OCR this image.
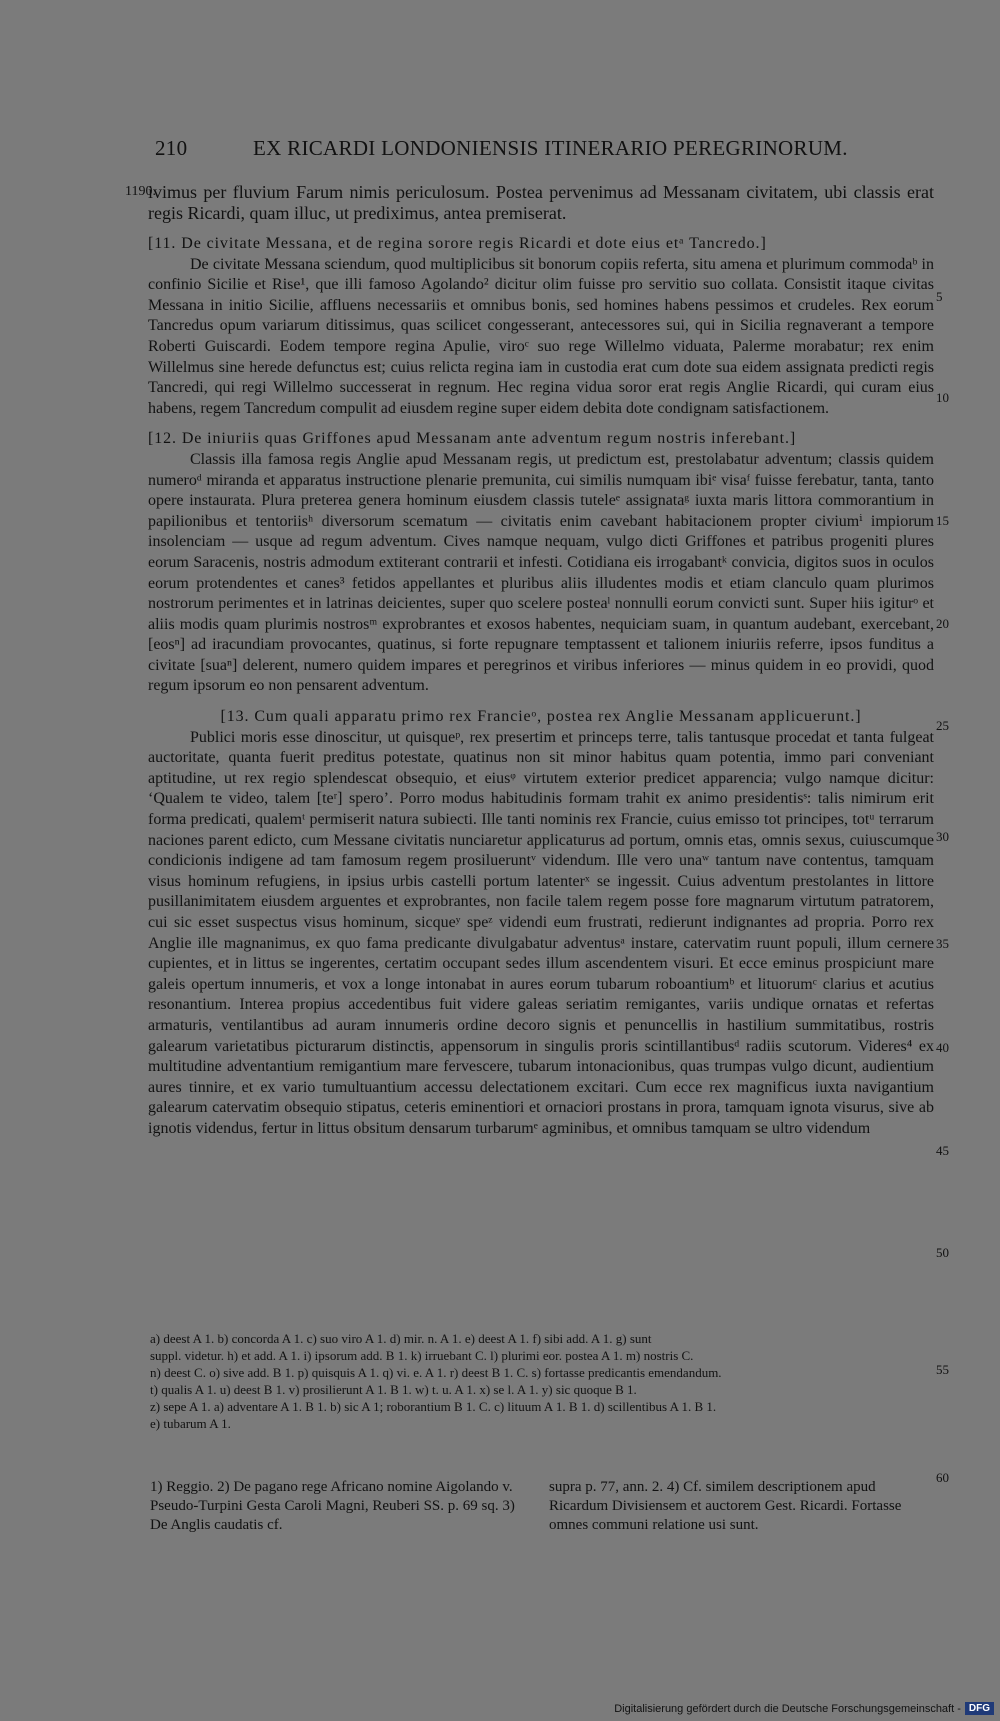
210	EX RICARDI LONDONIENSIS ITINERARIO PEREGRINORUM.
1190.

ivimus per fluvium Farum nimis periculosum. Postea pervenimus ad Messanam civitatem, ubi classis erat regis Ricardi, quam illuc, ut prediximus, antea premiserat.

[11. De civitate Messana, et de regina sorore regis Ricardi et dote eius etᵃ Tancredo.]

De civitate Messana sciendum, quod multiplicibus sit bonorum copiis referta, situ amena et plurimum commodaᵇ in confinio Sicilie et Rise¹, que illi famoso Agolando² dicitur olim fuisse pro servitio suo collata. Consistit itaque civitas Messana in initio Sicilie, affluens necessariis et omnibus bonis, sed homines habens pessimos et crudeles. Rex eorum Tancredus opum variarum ditissimus, quas scilicet congesserant, antecessores sui, qui in Sicilia regnaverant a tempore Roberti Guiscardi. Eodem tempore regina Apulie, viroᶜ suo rege Willelmo viduata, Palerme morabatur; rex enim Willelmus sine herede defunctus est; cuius relicta regina iam in custodia erat cum dote sua eidem assignata predicti regis Tancredi, qui regi Willelmo successerat in regnum. Hec regina vidua soror erat regis Anglie Ricardi, qui curam eius habens, regem Tancredum compulit ad eiusdem regine super eidem debita dote condignam satisfactionem.

[12. De iniuriis quas Griffones apud Messanam ante adventum regum nostris inferebant.]

Classis illa famosa regis Anglie apud Messanam regis, ut predictum est, prestolabatur adventum; classis quidem numeroᵈ miranda et apparatus instructione plenarie premunita, cui similis numquam ibiᵉ visaᶠ fuisse ferebatur, tanta, tanto opere instaurata. Plura preterea genera hominum eiusdem classis tuteleᵉ assignataᵍ iuxta maris littora commorantium in papilionibus et tentoriisʰ diversorum scematum — civitatis enim cavebant habitacionem propter civiumⁱ impiorum insolenciam — usque ad regum adventum. Cives namque nequam, vulgo dicti Griffones et patribus progeniti plures eorum Saracenis, nostris admodum extiterant contrarii et infesti. Cotidiana eis irrogabantᵏ convicia, digitos suos in oculos eorum protendentes et canes³ fetidos appellantes et pluribus aliis illudentes modis et etiam clanculo quam plurimos nostrorum perimentes et in latrinas deicientes, super quo scelere posteaˡ nonnulli eorum convicti sunt. Super hiis igiturᵒ et aliis modis quam plurimis nostrosᵐ exprobrantes et exosos habentes, nequiciam suam, in quantum audebant, exercebant, [eosⁿ] ad iracundiam provocantes, quatinus, si forte repugnare temptassent et talionem iniuriis referre, ipsos funditus a civitate [suaⁿ] delerent, numero quidem impares et peregrinos et viribus inferiores — minus quidem in eo providi, quod regum ipsorum eo non pensarent adventum.

[13. Cum quali apparatu primo rex Francieᵒ, postea rex Anglie Messanam applicuerunt.]

Publici moris esse dinoscitur, ut quisqueᵖ, rex presertim et princeps terre, talis tantusque procedat et tanta fulgeat auctoritate, quanta fuerit preditus potestate, quatinus non sit minor habitus quam potentia, immo pari conveniant aptitudine, ut rex regio splendescat obsequio, et eiusᵠ virtutem exterior predicet apparencia; vulgo namque dicitur: ‘Qualem te video, talem [teʳ] spero’. Porro modus habitudinis formam trahit ex animo presidentisˢ: talis nimirum erit forma predicati, qualemᵗ permiserit natura subiecti. Ille tanti nominis rex Francie, cuius emisso tot principes, totᵘ terrarum naciones parent edicto, cum Messane civitatis nunciaretur applicaturus ad portum, omnis etas, omnis sexus, cuiuscumque condicionis indigene ad tam famosum regem prosilueruntᵛ videndum. Ille vero unaʷ tantum nave contentus, tamquam visus hominum refugiens, in ipsius urbis castelli portum latenterˣ se ingessit. Cuius adventum prestolantes in littore pusillanimitatem eiusdem arguentes et exprobrantes, non facile talem regem posse fore magnarum virtutum patratorem, cui sic esset suspectus visus hominum, sicqueʸ speᶻ videndi eum frustrati, redierunt indignantes ad propria. Porro rex Anglie ille magnanimus, ex quo fama predicante divulgabatur adventusᵃ instare, catervatim ruunt populi, illum cernere cupientes, et in littus se ingerentes, certatim occupant sedes illum ascendentem visuri. Et ecce eminus prospiciunt mare galeis opertum innumeris, et vox a longe intonabat in aures eorum tubarum roboantiumᵇ et lituorumᶜ clarius et acutius resonantium. Interea propius accedentibus fuit videre galeas seriatim remigantes, variis undique ornatas et refertas armaturis, ventilantibus ad auram innumeris ordine decoro signis et penuncellis in hastilium summitatibus, rostris galearum varietatibus picturarum distinctis, appensorum in singulis proris scintillantibusᵈ radiis scutorum. Videres⁴ ex multitudine adventantium remigantium mare fervescere, tubarum intonacionibus, quas trumpas vulgo dicunt, audientium aures tinnire, et ex vario tumultuantium accessu delectationem excitari. Cum ecce rex magnificus iuxta navigantium galearum catervatim obsequio stipatus, ceteris eminentiori et ornaciori prostans in prora, tamquam ignota visurus, sive ab ignotis videndus, fertur in littus obsitum densarum turbarumᵉ agminibus, et omnibus tamquam se ultro videndum

5
10
15
20
25
30
35
40
45
50
55
60
a) deest A 1. b) concorda A 1. c) suo viro A 1. d) mir. n. A 1. e) deest A 1. f) sibi add. A 1. g) sunt
suppl. videtur. h) et add. A 1. i) ipsorum add. B 1. k) irruebant C. l) plurimi eor. postea A 1. m) nostris C.
n) deest C. o) sive add. B 1. p) quisquis A 1. q) vi. e. A 1. r) deest B 1. C. s) fortasse predicantis emendandum.
t) qualis A 1. u) deest B 1. v) prosilierunt A 1. B 1. w) t. u. A 1. x) se l. A 1. y) sic quoque B 1.
z) sepe A 1. a) adventare A 1. B 1. b) sic A 1; roborantium B 1. C. c) lituum A 1. B 1. d) scillentibus A 1. B 1.
e) tubarum A 1.
1) Reggio. 2) De pagano rege Africano nomine Aigolando v. Pseudo-Turpini Gesta Caroli Magni, Reuberi SS. p. 69 sq. 3) De Anglis caudatis cf.
supra p. 77, ann. 2. 4) Cf. similem descriptionem apud Ricardum Divisiensem et auctorem Gest. Ricardi. Fortasse omnes communi relatione usi sunt.
Digitalisierung gefördert durch die Deutsche Forschungsgemeinschaft - DFG
